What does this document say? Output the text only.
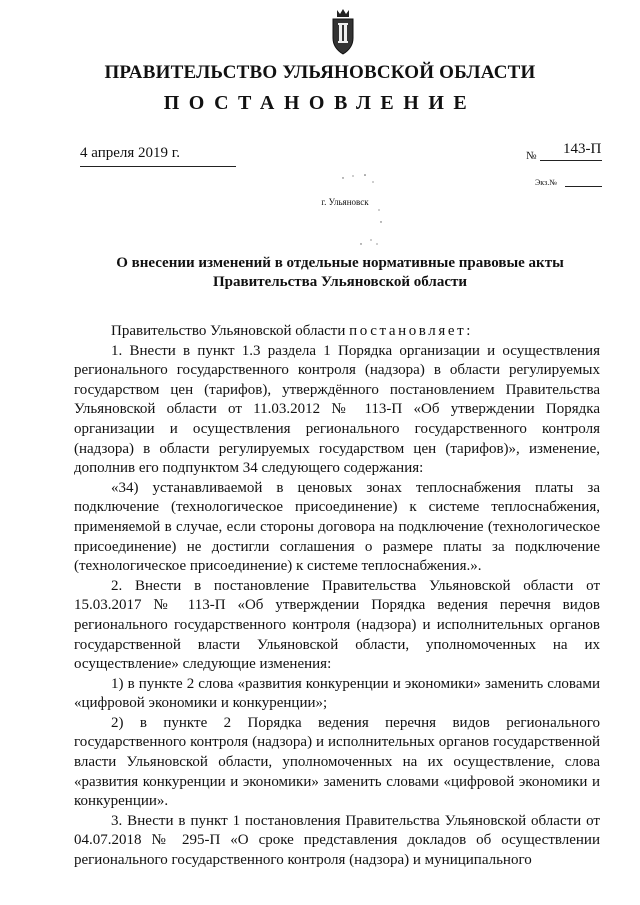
ПРАВИТЕЛЬСТВО УЛЬЯНОВСКОЙ ОБЛАСТИ
ПОСТАНОВЛЕНИЕ
4 апреля 2019 г.	№ 143-П
Экз.№
г. Ульяновск
О внесении изменений в отдельные нормативные правовые акты
Правительства Ульяновской области

Правительство Ульяновской области постановляет:

1. Внести в пункт 1.3 раздела 1 Порядка организации и осуществления регионального государственного контроля (надзора) в области регулируемых государством цен (тарифов), утверждённого постановлением Правительства Ульяновской области от 11.03.2012 № 113-П «Об утверждении Порядка организации и осуществления регионального государственного контроля (надзора) в области регулируемых государством цен (тарифов)», изменение, дополнив его подпунктом 34 следующего содержания:

«34) устанавливаемой в ценовых зонах теплоснабжения платы за подключение (технологическое присоединение) к системе теплоснабжения, применяемой в случае, если стороны договора на подключение (технологическое присоединение) не достигли соглашения о размере платы за подключение (технологическое присоединение) к системе теплоснабжения.».

2. Внести в постановление Правительства Ульяновской области от 15.03.2017 № 113-П «Об утверждении Порядка ведения перечня видов регионального государственного контроля (надзора) и исполнительных органов государственной власти Ульяновской области, уполномоченных на их осуществление» следующие изменения:

1) в пункте 2 слова «развития конкуренции и экономики» заменить словами «цифровой экономики и конкуренции»;

2) в пункте 2 Порядка ведения перечня видов регионального государственного контроля (надзора) и исполнительных органов государственной власти Ульяновской области, уполномоченных на их осуществление, слова «развития конкуренции и экономики» заменить словами «цифровой экономики и конкуренции».

3. Внести в пункт 1 постановления Правительства Ульяновской области от 04.07.2018 № 295-П «О сроке представления докладов об осуществлении регионального государственного контроля (надзора) и муниципального
